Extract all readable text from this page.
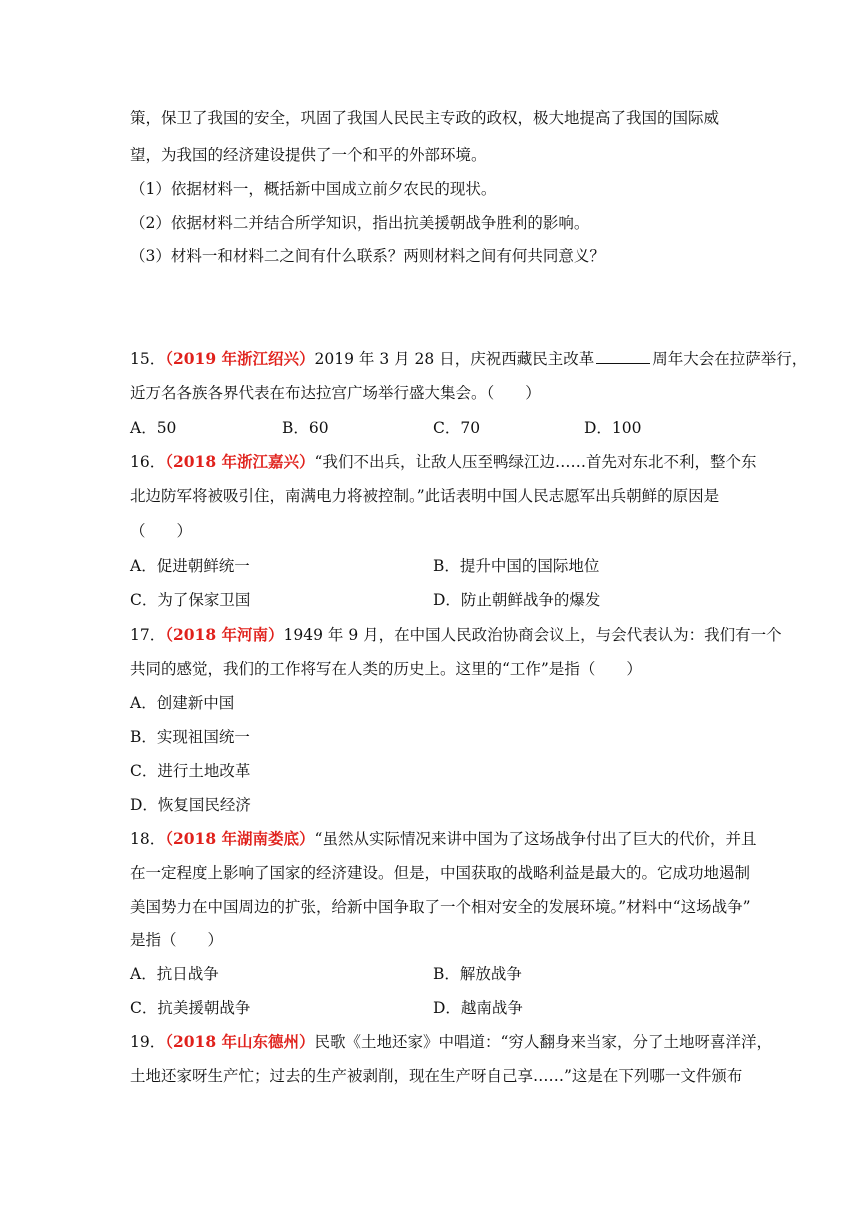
策，保卫了我国的安全，巩固了我国人民民主专政的政权，极大地提高了我国的国际威
望，为我国的经济建设提供了一个和平的外部环境。
（1）依据材料一，概括新中国成立前夕农民的现状。
（2）依据材料二并结合所学知识，指出抗美援朝战争胜利的影响。
（3）材料一和材料二之间有什么联系？两则材料之间有何共同意义？
15．（2019 年浙江绍兴）2019 年 3 月 28 日，庆祝西藏民主改革	周年大会在拉萨举行，
近万名各族各界代表在布达拉宫广场举行盛大集会。（　　）
A．50	B．60	C．70	D．100
16．（2018 年浙江嘉兴）“我们不出兵，让敌人压至鸭绿江边……首先对东北不利，整个东
北边防军将被吸引住，南满电力将被控制。”此话表明中国人民志愿军出兵朝鲜的原因是
（　　）
A．促进朝鲜统一	B．提升中国的国际地位
C．为了保家卫国	D．防止朝鲜战争的爆发
17．（2018 年河南）1949 年 9 月，在中国人民政治协商会议上，与会代表认为：我们有一个
共同的感觉，我们的工作将写在人类的历史上。这里的“工作”是指（　　）
A．创建新中国
B．实现祖国统一
C．进行土地改革
D．恢复国民经济
18．（2018 年湖南娄底）“虽然从实际情况来讲中国为了这场战争付出了巨大的代价，并且
在一定程度上影响了国家的经济建设。但是，中国获取的战略利益是最大的。它成功地遏制
美国势力在中国周边的扩张，给新中国争取了一个相对安全的发展环境。”材料中“这场战争”
是指（　　）
A．抗日战争	B．解放战争
C．抗美援朝战争	D．越南战争
19．（2018 年山东德州）民歌《土地还家》中唱道：“穷人翻身来当家，分了土地呀喜洋洋，
土地还家呀生产忙；过去的生产被剥削，现在生产呀自己享……”这是在下列哪一文件颁布
